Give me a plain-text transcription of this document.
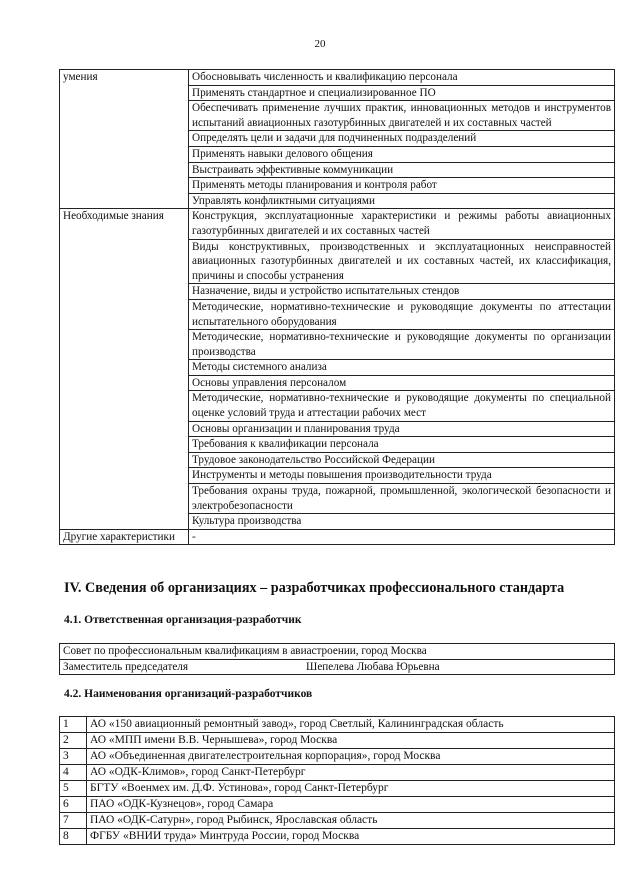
20
умения	Обосновывать численность и квалификацию персонала
	Применять стандартное и специализированное ПО
	Обеспечивать применение лучших практик, инновационных методов и инструментов испытаний авиационных газотурбинных двигателей и их составных частей
	Определять цели и задачи для подчиненных подразделений
	Применять навыки делового общения
	Выстраивать эффективные коммуникации
	Применять методы планирования и контроля работ
	Управлять конфликтными ситуациями
Необходимые знания	Конструкция, эксплуатационные характеристики и режимы работы авиационных газотурбинных двигателей и их составных частей
	Виды конструктивных, производственных и эксплуатационных неисправностей авиационных газотурбинных двигателей и их составных частей, их классификация, причины и способы устранения
	Назначение, виды и устройство испытательных стендов
	Методические, нормативно-технические и руководящие документы по аттестации испытательного оборудования
	Методические, нормативно-технические и руководящие документы по организации производства
	Методы системного анализа
	Основы управления персоналом
	Методические, нормативно-технические и руководящие документы по специальной оценке условий труда и аттестации рабочих мест
	Основы организации и планирования труда
	Требования к квалификации персонала
	Трудовое законодательство Российской Федерации
	Инструменты и методы повышения производительности труда
	Требования охраны труда, пожарной, промышленной, экологической безопасности и электробезопасности
	Культура производства
Другие характеристики	-
IV. Сведения об организациях – разработчиках профессионального стандарта
4.1. Ответственная организация-разработчик
Совет по профессиональным квалификациям в авиастроении, город Москва
Заместитель председателя	Шепелева Любава Юрьевна
4.2. Наименования организаций-разработчиков
1	АО «150 авиационный ремонтный завод», город Светлый, Калининградская область
2	АО «МПП имени В.В. Чернышева», город Москва
3	АО «Объединенная двигателестроительная корпорация», город Москва
4	АО «ОДК-Климов», город Санкт-Петербург
5	БГТУ «Военмех им. Д.Ф. Устинова», город Санкт-Петербург
6	ПАО «ОДК-Кузнецов», город Самара
7	ПАО «ОДК-Сатурн», город Рыбинск, Ярославская область
8	ФГБУ «ВНИИ труда» Минтруда России, город Москва
